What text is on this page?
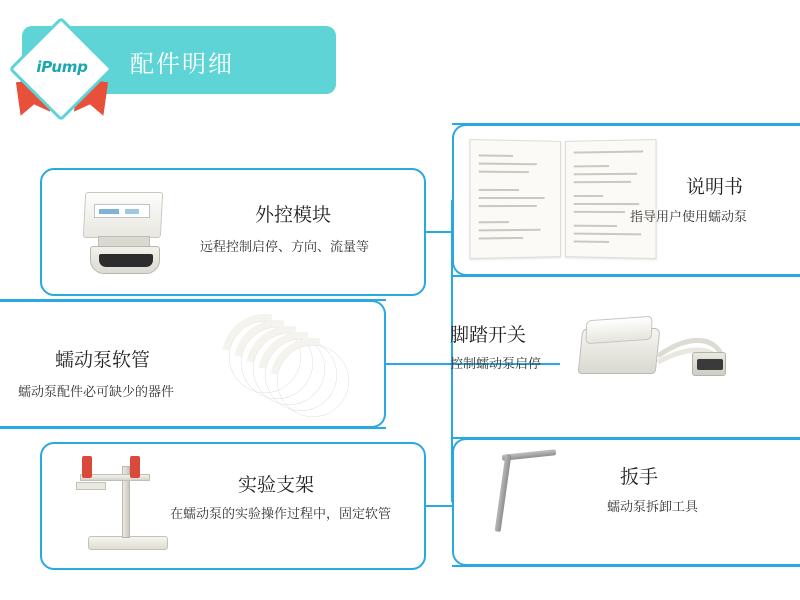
配件明细
iPump
外控模块
远程控制启停、方向、流量等
说明书
指导用户使用蠕动泵
蠕动泵软管
蠕动泵配件必可缺少的器件
脚踏开关
控制蠕动泵启停
实验支架
在蠕动泵的实验操作过程中，固定软管
扳手
蠕动泵拆卸工具
